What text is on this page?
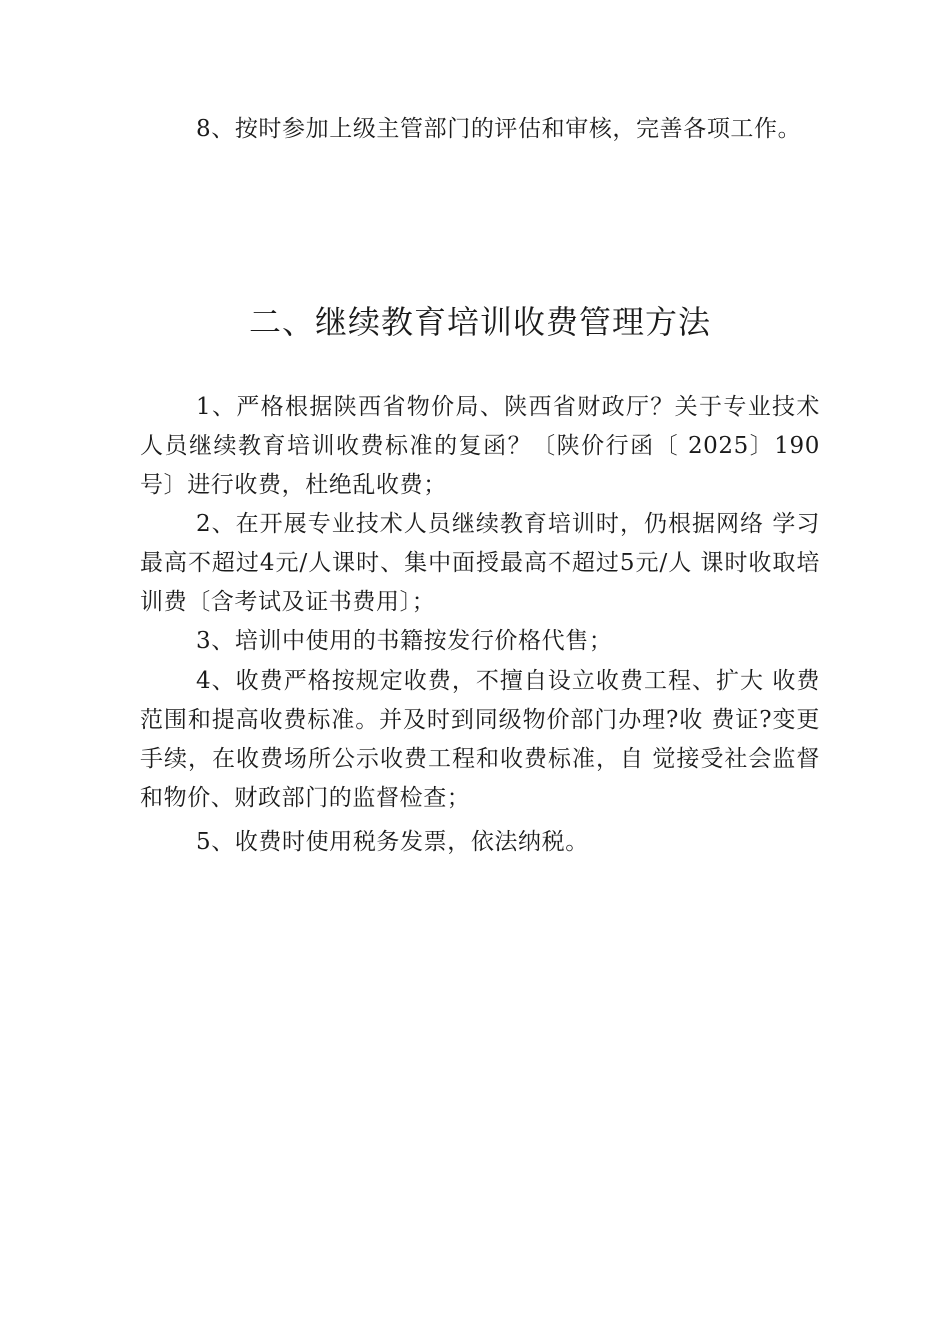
8、按时参加上级主管部门的评估和审核，完善各项工作。

二、继续教育培训收费管理方法

1、严格根据陕西省物价局、陕西省财政厅？关于专业技术人员继续教育培训收费标准的复函？〔陕价行函〔 2025〕190号〕进行收费，杜绝乱收费；

2、在开展专业技术人员继续教育培训时，仍根据网络 学习最高不超过4元/人课时、集中面授最高不超过5元/人 课时收取培训费〔含考试及证书费用〕；

3、培训中使用的书籍按发行价格代售；

4、收费严格按规定收费，不擅自设立收费工程、扩大 收费范围和提高收费标准。并及时到同级物价部门办理?收 费证?变更手续，在收费场所公示收费工程和收费标准，自 觉接受社会监督和物价、财政部门的监督检查；

5、收费时使用税务发票，依法纳税。
